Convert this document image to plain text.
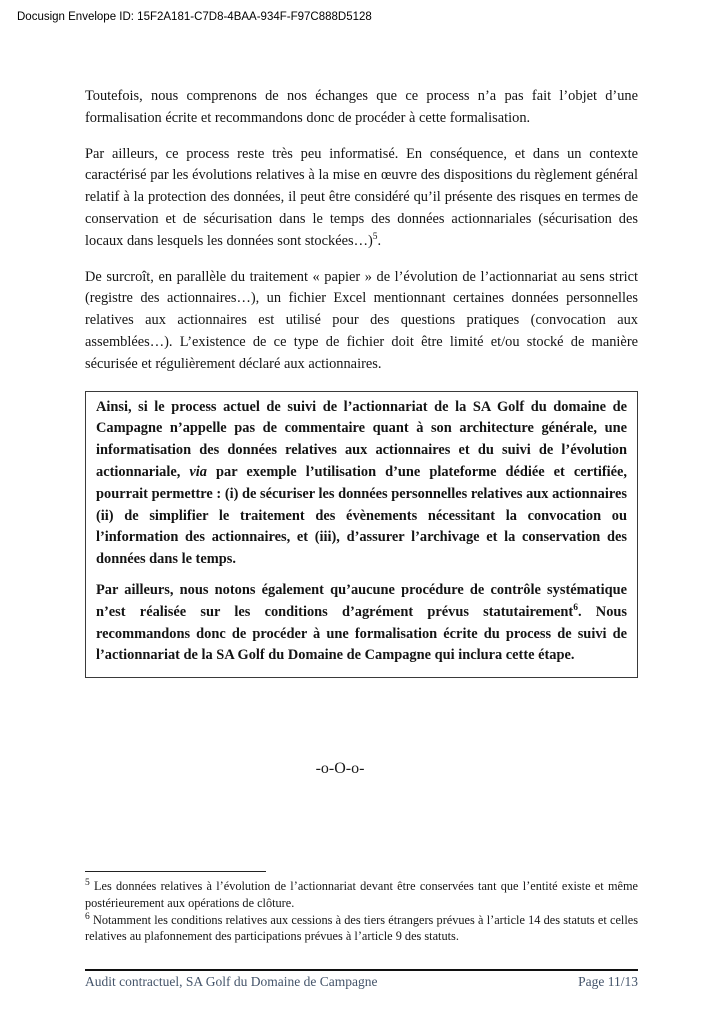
Docusign Envelope ID: 15F2A181-C7D8-4BAA-934F-F97C888D5128

Toutefois, nous comprenons de nos échanges que ce process n’a pas fait l’objet d’une formalisation écrite et recommandons donc de procéder à cette formalisation.

Par ailleurs, ce process reste très peu informatisé. En conséquence, et dans un contexte caractérisé par les évolutions relatives à la mise en œuvre des dispositions du règlement général relatif à la protection des données, il peut être considéré qu’il présente des risques en termes de conservation et de sécurisation dans le temps des données actionnariales (sécurisation des locaux dans lesquels les données sont stockées…)$^5$.

De surcroît, en parallèle du traitement « papier » de l’évolution de l’actionnariat au sens strict (registre des actionnaires…), un fichier Excel mentionnant certaines données personnelles relatives aux actionnaires est utilisé pour des questions pratiques (convocation aux assemblées…). L’existence de ce type de fichier doit être limité et/ou stocké de manière sécurisée et régulièrement déclaré aux actionnaires.

Ainsi, si le process actuel de suivi de l’actionnariat de la SA Golf du domaine de Campagne n’appelle pas de commentaire quant à son architecture générale, une informatisation des données relatives aux actionnaires et du suivi de l’évolution actionnariale, via par exemple l’utilisation d’une plateforme dédiée et certifiée, pourrait permettre : (i) de sécuriser les données personnelles relatives aux actionnaires (ii) de simplifier le traitement des évènements nécessitant la convocation ou l’information des actionnaires, et (iii), d’assurer l’archivage et la conservation des données dans le temps.

Par ailleurs, nous notons également qu’aucune procédure de contrôle systématique n’est réalisée sur les conditions d’agrément prévus statutairement$^6$. Nous recommandons donc de procéder à une formalisation écrite du process de suivi de l’actionnariat de la SA Golf du Domaine de Campagne qui inclura cette étape.

-o-O-o-
$^5$ Les données relatives à l’évolution de l’actionnariat devant être conservées tant que l’entité existe et même postérieurement aux opérations de clôture.
$^6$ Notamment les conditions relatives aux cessions à des tiers étrangers prévues à l’article 14 des statuts et celles relatives au plafonnement des participations prévues à l’article 9 des statuts.
Audit contractuel, SA Golf du Domaine de Campagne	Page 11/13
